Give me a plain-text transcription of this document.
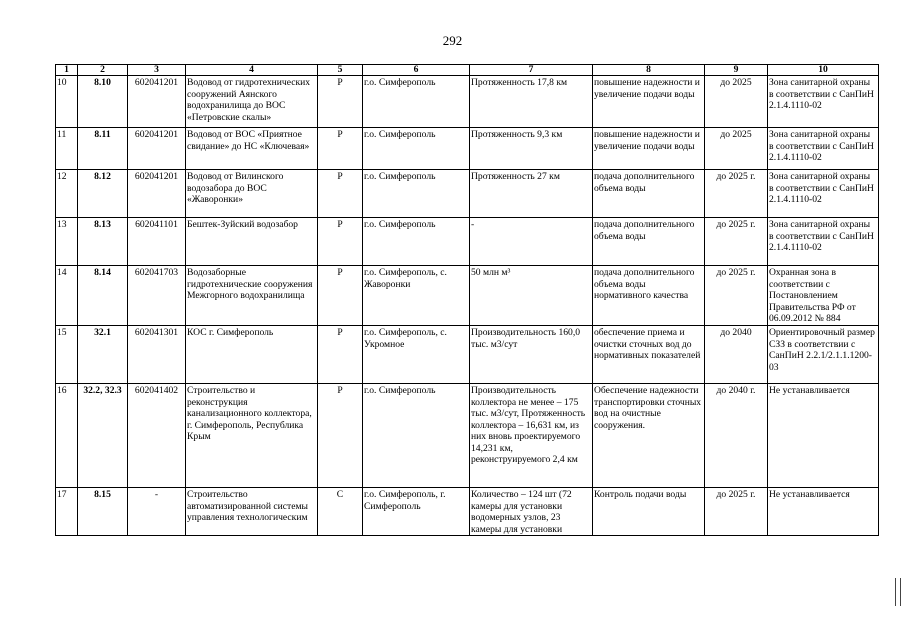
292
1	2	3	4	5	6	7	8	9	10
10	8.10	602041201	Водовод от гидротехнических сооружений Аянского водохранилища до ВОС «Петровские скалы»	Р	г.о. Симферополь	Протяженность 17,8 км	повышение надежности и увеличение подачи воды	до 2025	Зона санитарной охраны в соответствии с СанПиН 2.1.4.1110-02
11	8.11	602041201	Водовод от ВОС «Приятное свидание» до НС «Ключевая»	Р	г.о. Симферополь	Протяженность 9,3 км	повышение надежности и увеличение подачи воды	до 2025	Зона санитарной охраны в соответствии с СанПиН 2.1.4.1110-02
12	8.12	602041201	Водовод от Вилинского водозабора до ВОС «Жаворонки»	Р	г.о. Симферополь	Протяженность 27 км	подача дополнительного объема воды	до 2025 г.	Зона санитарной охраны в соответствии с СанПиН 2.1.4.1110-02
13	8.13	602041101	Бештек-Зуйский водозабор	Р	г.о. Симферополь	-	подача дополнительного объема воды	до 2025 г.	Зона санитарной охраны в соответствии с СанПиН 2.1.4.1110-02
14	8.14	602041703	Водозаборные гидротехнические сооружения Межгорного водохранилища	Р	г.о. Симферополь, с. Жаворонки	50 млн м³	подача дополнительного объема воды нормативного качества	до 2025 г.	Охранная зона в соответствии с Постановлением Правительства РФ от 06.09.2012 № 884
15	32.1	602041301	КОС г. Симферополь	Р	г.о. Симферополь, с. Укромное	Производительность 160,0 тыс. м3/сут	обеспечение приема и очистки сточных вод до нормативных показателей	до 2040	Ориентировочный размер СЗЗ в соответствии с СанПиН 2.2.1/2.1.1.1200-03
16	32.2, 32.3	602041402	Строительство и реконструкция канализационного коллектора, г. Симферополь, Республика Крым	Р	г.о. Симферополь	Производительность коллектора не менее – 175 тыс. м3/сут, Протяженность коллектора – 16,631 км, из них вновь проектируемого 14,231 км, реконструируемого 2,4 км	Обеспечение надежности транспортировки сточных вод на очистные сооружения.	до 2040 г.	Не устанавливается
17	8.15	-	Строительство автоматизированной системы управления технологическим	С	г.о. Симферополь, г. Симферополь	Количество – 124 шт (72 камеры для установки водомерных узлов, 23 камеры для установки	Контроль подачи воды	до 2025 г.	Не устанавливается
